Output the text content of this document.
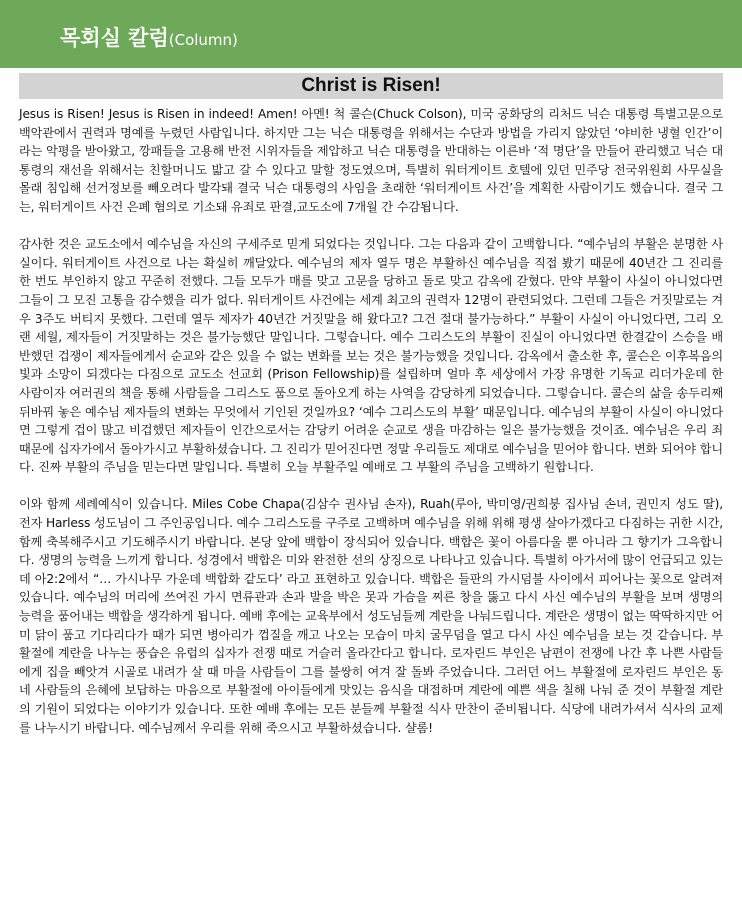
목회실 칼럼(Column)
Christ is Risen!

Jesus is Risen! Jesus is Risen in indeed! Amen! 아멘! 척 콜슨(Chuck Colson), 미국 공화당의 리처드 닉슨 대통령 특별고문으로 백악관에서 권력과 명예를 누렸던 사람입니다. 하지만 그는 닉슨 대통령을 위해서는 수단과 방법을 가리지 않았던 ‘야비한 냉혈 인간’이라는 악평을 받아왔고, 깡패들을 고용해 반전 시위자들을 제압하고 닉슨 대통령을 반대하는 이른바 ‘적 명단’을 만들어 관리했고 닉슨 대통령의 재선을 위해서는 친할머니도 밟고 갈 수 있다고 말할 정도였으며, 특별히 워터게이트 호텔에 있던 민주당 전국위원회 사무실을 몰래 침입해 선거정보를 빼오려다 발각돼 결국 닉슨 대통령의 사임을 초래한 ‘워터게이트 사건’을 계획한 사람이기도 했습니다. 결국 그는, 워터게이트 사건 은폐 혐의로 기소돼 유죄로 판결,교도소에 7개월 간 수감됩니다.

감사한 것은 교도소에서 예수님을 자신의 구세주로 믿게 되었다는 것입니다. 그는 다음과 같이 고백합니다. “예수님의 부활은 분명한 사실이다. 워터게이트 사건으로 나는 확실히 깨달았다. 예수님의 제자 열두 명은 부활하신 예수님을 직접 봤기 때문에 40년간 그 진리를 한 번도 부인하지 않고 꾸준히 전했다. 그들 모두가 매를 맞고 고문을 당하고 돌로 맞고 감옥에 갇혔다. 만약 부활이 사실이 아니었다면 그들이 그 모진 고통을 감수했을 리가 없다. 워터게이트 사건에는 세계 최고의 권력자 12명이 관련되었다. 그런데 그들은 거짓말로는 겨우 3주도 버티지 못했다. 그런데 열두 제자가 40년간 거짓말을 해 왔다고? 그건 절대 불가능하다.” 부활이 사실이 아니었다면, 그리 오랜 세월, 제자들이 거짓말하는 것은 불가능했단 말입니다. 그렇습니다. 예수 그리스도의 부활이 진실이 아니었다면 한결같이 스승을 배반했던 겁쟁이 제자들에게서 순교와 같은 있을 수 없는 변화를 보는 것은 불가능했을 것입니다. 감옥에서 출소한 후, 콜슨은 이후복음의 빛과 소망이 되겠다는 다짐으로 교도소 선교회 (Prison Fellowship)를 설립하며 얼마 후 세상에서 가장 유명한 기독교 리더가운데 한 사람이자 여러권의 책을 통해 사람들을 그리스도 품으로 돌아오게 하는 사역을 감당하게 되었습니다. 그렇습니다. 콜슨의 삶을 송두리째 뒤바꿔 놓은 예수님 제자들의 변화는 무엇에서 기인된 것일까요? ‘예수 그리스도의 부활’ 때문입니다. 예수님의 부활이 사실이 아니었다면 그렇게 겁이 많고 비겁했던 제자들이 인간으로서는 감당키 어려운 순교로 생을 마감하는 일은 불가능했을 것이죠. 예수님은 우리 죄 때문에 십자가에서 돌아가시고 부활하셨습니다. 그 진리가 믿어진다면 정말 우리들도 제대로 예수님을 믿어야 합니다. 변화 되어야 합니다. 진짜 부활의 주님을 믿는다면 말입니다. 특별히 오늘 부활주일 예배로 그 부활의 주님을 고백하기 원합니다.

이와 함께 세례예식이 있습니다. Miles Cobe Chapa(김삼수 권사님 손자), Ruah(루아, 박미영/권희붕 집사님 손녀, 권민지 성도 딸), 전자 Harless 성도님이 그 주인공입니다. 예수 그리스도를 구주로 고백하며 예수님을 위해 위해 평생 살아가겠다고 다짐하는 귀한 시간, 함께 축복해주시고 기도해주시기 바랍니다. 본당 앞에 백합이 장식되어 있습니다. 백합은 꽃이 아름다울 뿐 아니라 그 향기가 그윽합니다. 생명의 능력을 느끼게 합니다. 성경에서 백합은 미와 완전한 선의 상징으로 나타나고 있습니다. 특별히 아가서에 많이 언급되고 있는데 아2:2에서 “… 가시나무 가운데 백합화 같도다’ 라고 표현하고 있습니다. 백합은 들판의 가시덤불 사이에서 피어나는 꽃으로 알려져 있습니다. 예수님의 머리에 쓰여진 가시 면류관과 손과 발을 박은 못과 가슴을 찌른 창을 뚫고 다시 사신 예수님의 부활을 보며 생명의 능력을 품어내는 백합을 생각하게 됩니다. 예배 후에는 교육부에서 성도님들께 계란을 나눠드립니다. 계란은 생명이 없는 딱딱하지만 어미 닭이 품고 기다리다가 때가 되면 병아리가 껍질을 깨고 나오는 모습이 마치 굴무덤을 열고 다시 사신 예수님을 보는 것 같습니다. 부활절에 계란을 나누는 풍습은 유럽의 십자가 전쟁 때로 거슬러 올라간다고 합니다. 로자린드 부인은 남편이 전쟁에 나간 후 나쁜 사람들에게 집을 빼앗겨 시골로 내려가 살 때 마을 사람들이 그를 불쌍히 여겨 잘 돌봐 주었습니다. 그러던 어느 부활절에 로자린드 부인은 동네 사람들의 은혜에 보답하는 마음으로 부활절에 아이들에게 맛있는 음식을 대접하며 계란에 예쁜 색을 칠해 나눠 준 것이 부활절 계란의 기원이 되었다는 이야기가 있습니다. 또한 예배 후에는 모든 분들께 부활절 식사 만찬이 준비됩니다. 식당에 내려가셔서 식사의 교제를 나누시기 바랍니다. 예수님께서 우리를 위해 죽으시고 부활하셨습니다. 샬롬!
